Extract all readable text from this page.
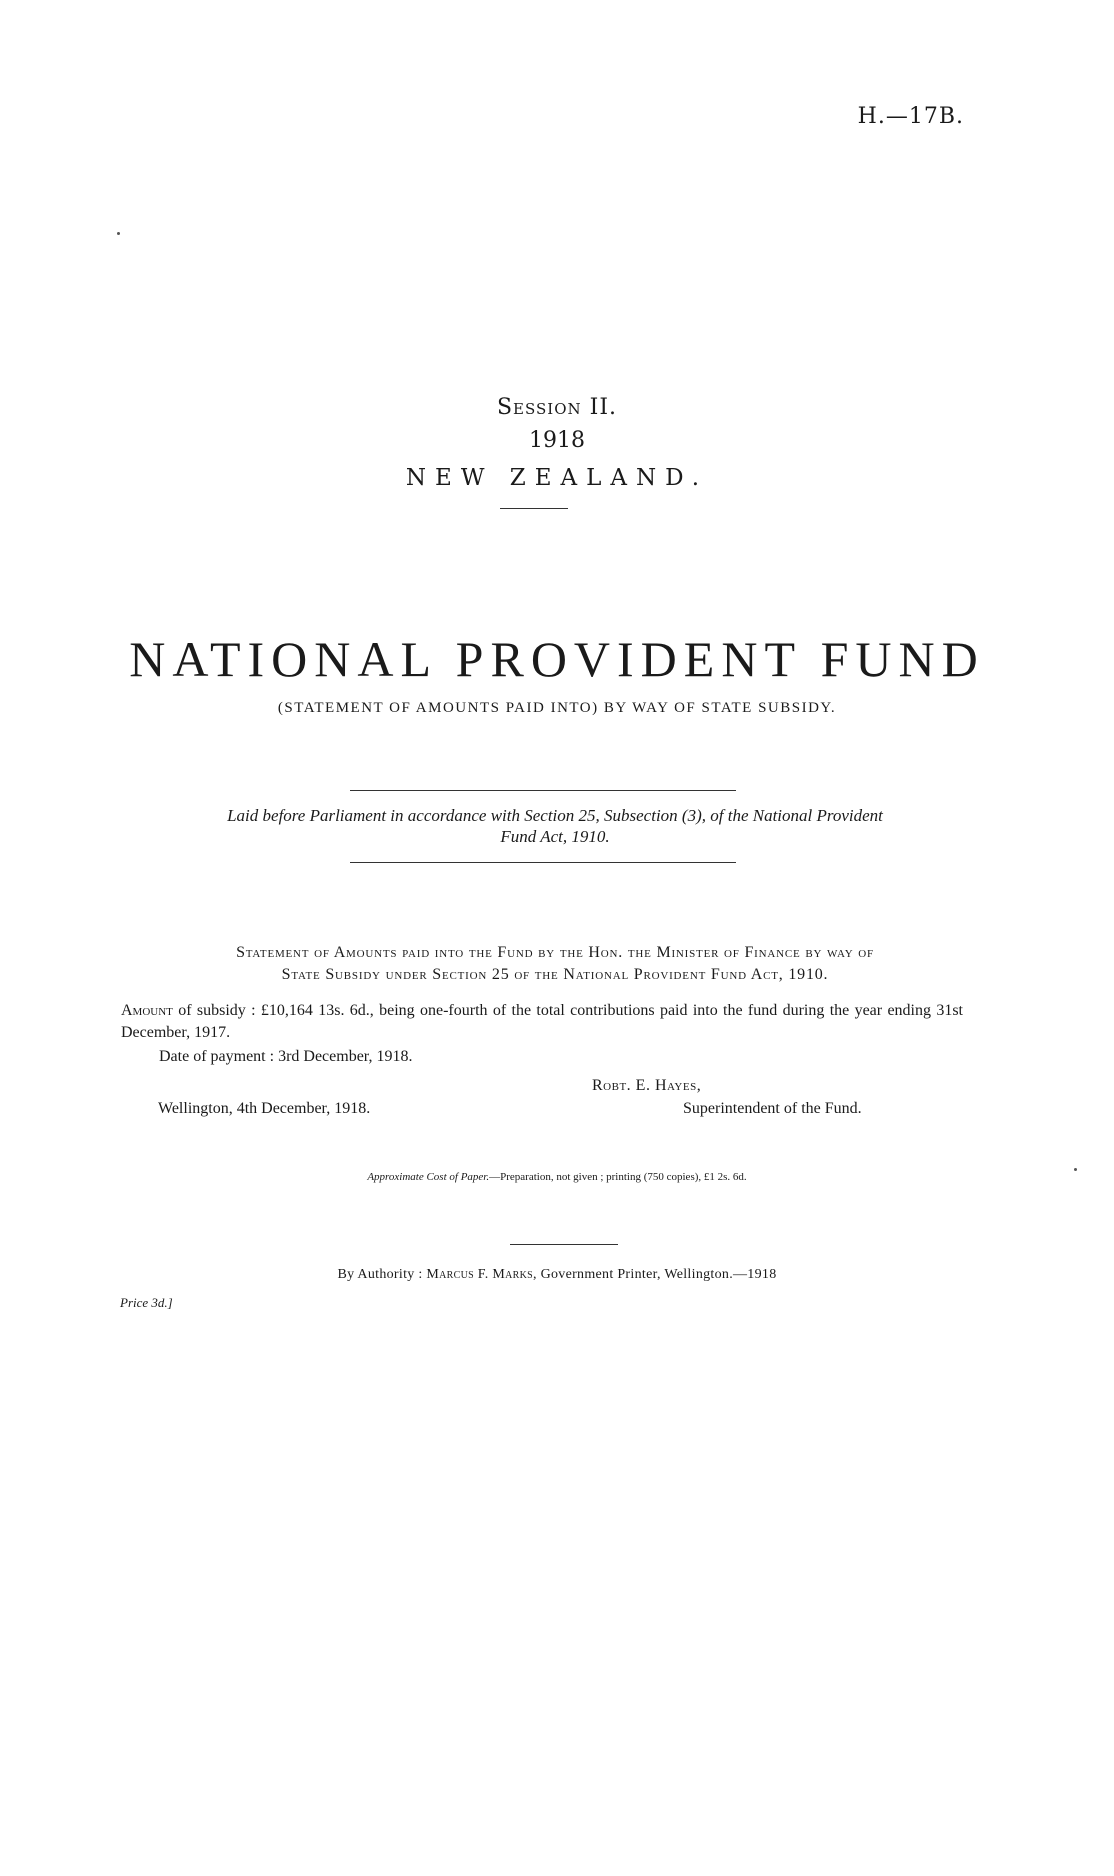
H.—17B.
Session II.
1918
NEW ZEALAND.
NATIONAL PROVIDENT FUND
(STATEMENT OF AMOUNTS PAID INTO) BY WAY OF STATE SUBSIDY.
Laid before Parliament in accordance with Section 25, Subsection (3), of the National Provident
Fund Act, 1910.
Statement of Amounts paid into the Fund by the Hon. the Minister of Finance by way of
State Subsidy under Section 25 of the National Provident Fund Act, 1910.
Amount of subsidy : £10,164 13s. 6d., being one-fourth of the total contributions paid into the fund during the year ending 31st December, 1917.
Date of payment : 3rd December, 1918.
Robt. E. Hayes,
Wellington, 4th December, 1918.	Superintendent of the Fund.
Approximate Cost of Paper.—Preparation, not given ; printing (750 copies), £1 2s. 6d.
By Authority : Marcus F. Marks, Government Printer, Wellington.—1918
Price 3d.]
